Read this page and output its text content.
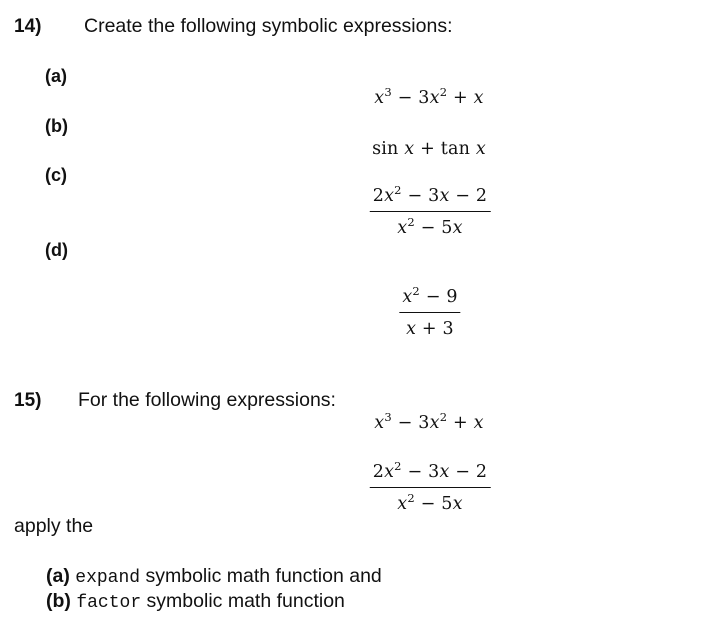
14) Create the following symbolic expressions:
(a)
(b)
(c)
(d)
$x^3 - 3x^2 + x$
sin x + tan x
$2x^2 - 3x - 2$
$x^2 - 5x$
$x^2 - 9$
x + 3
15) For the following expressions:
$x^3 - 3x^2 + x$
$2x^2 - 3x - 2$
$x^2 - 5x$
apply the
(a) expand symbolic math function and
(b) factor symbolic math function
